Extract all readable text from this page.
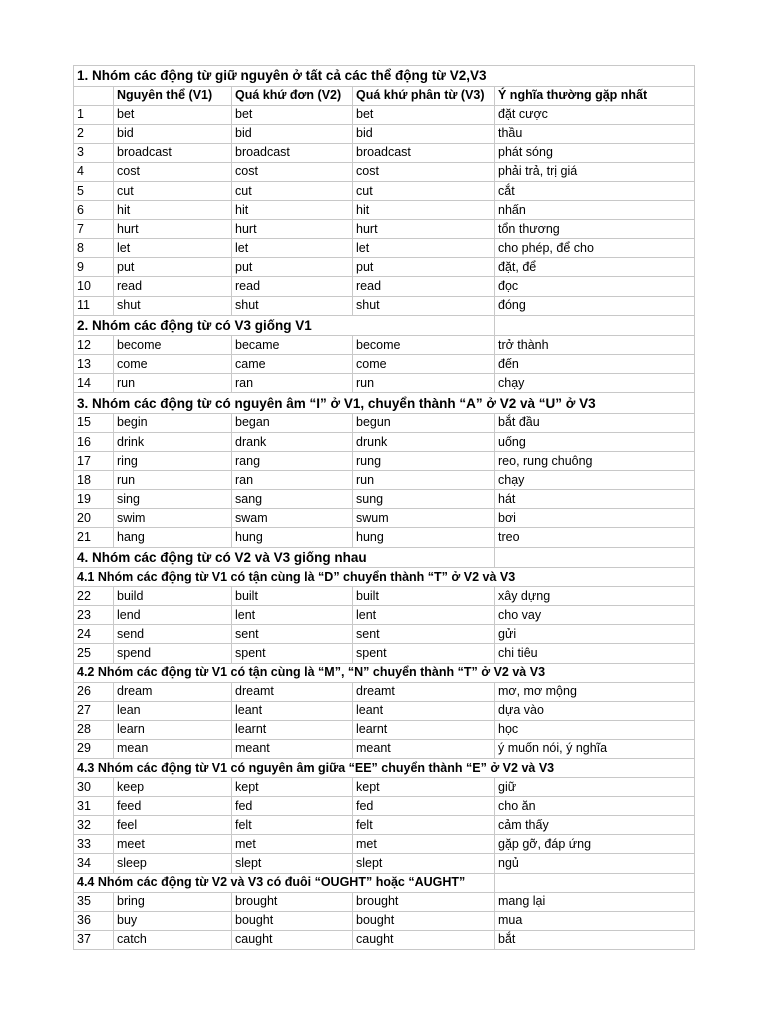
1. Nhóm các động từ giữ nguyên ở tất cả các thể động từ V2,V3				
	Nguyên thể (V1)	Quá khứ đơn (V2)	Quá khứ phân từ (V3)	Ý nghĩa thường gặp nhất
1	bet	bet	bet	đặt cược
2	bid	bid	bid	thầu
3	broadcast	broadcast	broadcast	phát sóng
4	cost	cost	cost	phải trả, trị giá
5	cut	cut	cut	cắt
6	hit	hit	hit	nhấn
7	hurt	hurt	hurt	tổn thương
8	let	let	let	cho phép, để cho
9	put	put	put	đặt, để
10	read	read	read	đọc
11	shut	shut	shut	đóng
2. Nhóm các động từ có V3 giống V1				
12	become	became	become	trở thành
13	come	came	come	đến
14	run	ran	run	chạy
3. Nhóm các động từ có nguyên âm “I” ở V1, chuyển thành “A” ở V2 và “U” ở V3				
15	begin	began	begun	bắt đầu
16	drink	drank	drunk	uống
17	ring	rang	rung	reo, rung chuông
18	run	ran	run	chạy
19	sing	sang	sung	hát
20	swim	swam	swum	bơi
21	hang	hung	hung	treo
4. Nhóm các động từ có V2 và V3 giống nhau				
4.1 Nhóm các động từ V1 có tận cùng là “D” chuyển thành “T” ở V2 và V3				
22	build	built	built	xây dựng
23	lend	lent	lent	cho vay
24	send	sent	sent	gửi
25	spend	spent	spent	chi tiêu
4.2 Nhóm các động từ V1 có tận cùng là “M”, “N” chuyển thành “T” ở V2 và V3				
26	dream	dreamt	dreamt	mơ, mơ mộng
27	lean	leant	leant	dựa vào
28	learn	learnt	learnt	học
29	mean	meant	meant	ý muốn nói, ý nghĩa
4.3 Nhóm các động từ V1 có nguyên âm giữa “EE” chuyển thành “E” ở V2 và V3				
30	keep	kept	kept	giữ
31	feed	fed	fed	cho ăn
32	feel	felt	felt	cảm thấy
33	meet	met	met	gặp gỡ, đáp ứng
34	sleep	slept	slept	ngủ
4.4 Nhóm các động từ V2 và V3 có đuôi “OUGHT” hoặc “AUGHT”				
35	bring	brought	brought	mang lại
36	buy	bought	bought	mua
37	catch	caught	caught	bắt
